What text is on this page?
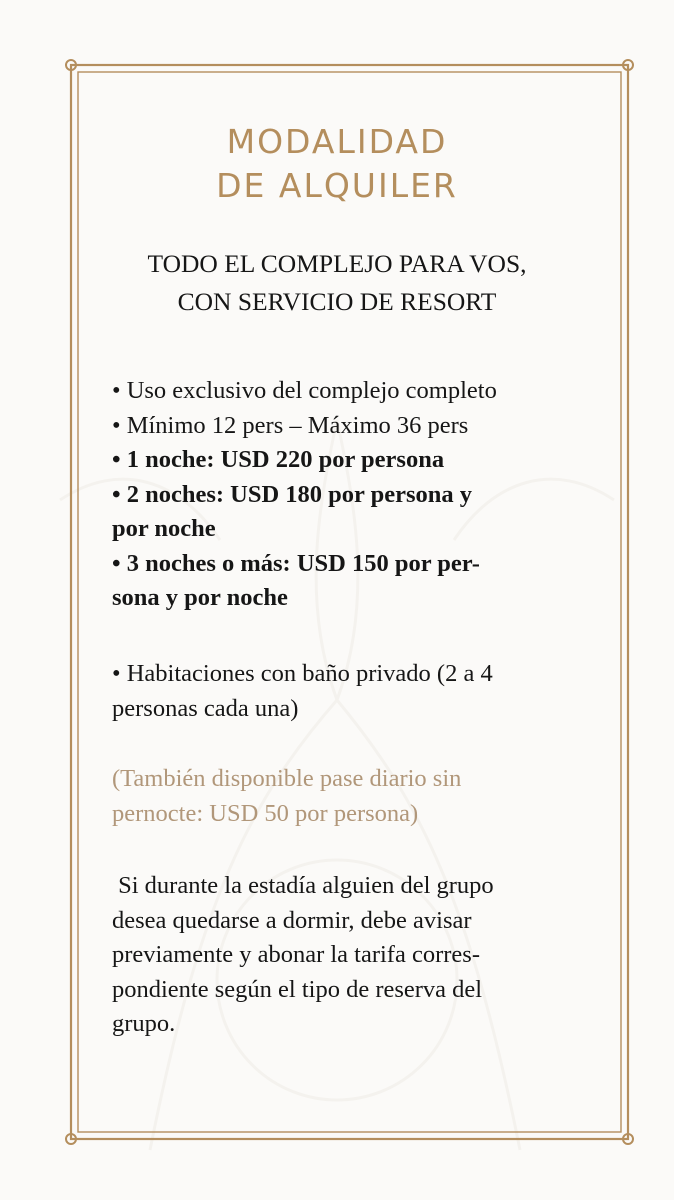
MODALIDAD
DE ALQUILER
TODO EL COMPLEJO PARA VOS,
CON SERVICIO DE RESORT
• Uso exclusivo del complejo completo
• Mínimo 12 pers – Máximo 36 pers
• 1 noche: USD 220 por persona
• 2 noches: USD 180 por persona y
por noche
• 3 noches o más: USD 150 por per-
sona y por noche
• Habitaciones con baño privado (2 a 4
personas cada una)
(También disponible pase diario sin
pernocte: USD 50 por persona)
Si durante la estadía alguien del grupo
desea quedarse a dormir, debe avisar
previamente y abonar la tarifa corres-
pondiente según el tipo de reserva del
grupo.
